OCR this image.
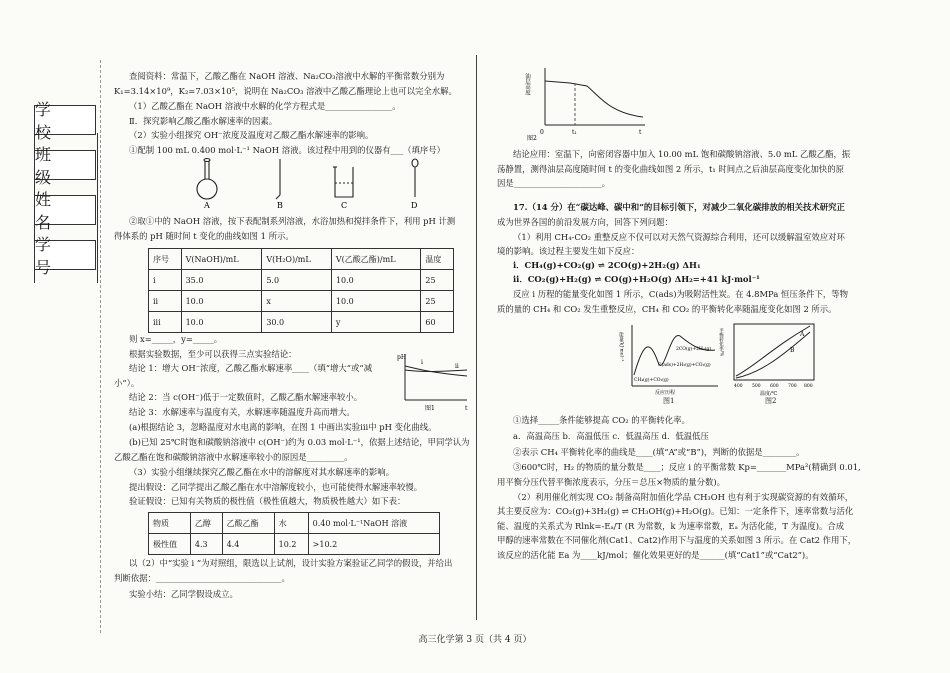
学 校
班 级
姓 名
学 号
查阅资料：常温下，乙酸乙酯在 NaOH 溶液、Na₂CO₃溶液中水解的平衡常数分别为
K₁=3.14×10⁹，K₂=7.03×10⁵，说明在 Na₂CO₃ 溶液中乙酸乙酯理论上也可以完全水解。
（1）乙酸乙酯在 NaOH 溶液中水解的化学方程式是________________。
Ⅱ．探究影响乙酸乙酯水解速率的因素。
（2）实验小组探究 OH⁻浓度及温度对乙酸乙酯水解速率的影响。
①配制 100 mL 0.400 mol·L⁻¹ NaOH 溶液。该过程中用到的仪器有___（填序号）
A	B	C	D
②取①中的 NaOH 溶液，按下表配制系列溶液，水浴加热和搅拌条件下，利用 pH 计测
得体系的 pH 随时间 t 变化的曲线如图 1 所示。
序号	V(NaOH)/mL	V(H₂O)/mL	V(乙酸乙酯)/mL	温度
i	35.0	5.0	10.0	25
ii	10.0	x	10.0	25
iii	10.0	30.0	y	60
则 x=_____，y=_____。
根据实验数据，至少可以获得三点实验结论：
结论 1：增大 OH⁻浓度，乙酸乙酯水解速率____（填“增大”或“减
小”）。
pH
t
i
ii
图1
结论 2：当 c(OH⁻)低于一定数值时，乙酸乙酯水解速率较小。
结论 3：水解速率与温度有关，水解速率随温度升高而增大。
(a)根据结论 3，忽略温度对水电离的影响，在图 1 中画出实验iii中 pH 变化曲线。
(b)已知 25℃时饱和碳酸钠溶液中 c(OH⁻)约为 0.03 mol·L⁻¹，依据上述结论，甲同学认为
乙酸乙酯在饱和碳酸钠溶液中水解速率较小的原因是_________。
（3）实验小组继续探究乙酸乙酯在水中的溶解度对其水解速率的影响。
提出假设：乙同学提出乙酸乙酯在水中溶解度较小，也可能使得水解速率较慢。
验证假设：已知有关物质的极性值（极性值越大，物质极性越大）如下表：
物质	乙醇	乙酸乙酯	水	0.40 mol·L⁻¹NaOH 溶液
极性值	4.3	4.4	10.2	>10.2
以（2）中“实验 i ”为对照组，限选以上试剂，设计实验方案验证乙同学的假设，并给出
判断依据：______________________________。
实验小结：乙同学假设成立。
油层高度
t₁
0	t
图2
结论应用：室温下，向密闭容器中加入 10.00 mL 饱和碳酸钠溶液、5.0 mL 乙酸乙酯，振
荡静置，测得油层高度随时间 t 的变化曲线如图 2 所示，t₁ 时间点之后油层高度变化加快的原
因是_____________________。
17.（14 分）在“碳达峰、碳中和”的目标引领下，对减少二氧化碳排放的相关技术研究正
成为世界各国的前沿发展方向，回答下列问题：
（1）利用 CH₄-CO₂ 重整反应不仅可以对天然气资源综合利用，还可以缓解温室效应对环
境的影响。该过程主要发生如下反应：
i．CH₄(g)+CO₂(g) ⇌ 2CO(g)+2H₂(g) ΔH₁
ii．CO₂(g)+H₂(g) ⇌ CO(g)+H₂O(g) ΔH₂=+41 kJ·mol⁻¹
反应 i 历程的能量变化如图 1 所示，C(ads)为吸附活性炭。在 4.8MPa 恒压条件下，等物
质的量的 CH₄ 和 CO₂ 发生重整反应，CH₄ 和 CO₂ 的平衡转化率随温度变化如图 2 所示。
能量/kJ·mol⁻¹	2CO(g)+2H₂(g)
C(ads)+2H₂(g)+CO₂(g)
CH₄(g)+CO₂(g)
反应历程
A
B
平衡转化率/%
400 500 600 700 800
温度/℃
图1	图2
①选择_____条件能够提高 CO₂ 的平衡转化率。
a．高温高压 b．高温低压 c．低温高压 d．低温低压
②表示 CH₄ 平衡转化率的曲线是____(填“A”或“B”)，判断的依据是________。
③600℃时，H₂ 的物质的量分数是____；反应 i 的平衡常数 Kp=_______MPa²(精确到 0.01,
用平衡分压代替平衡浓度表示，分压＝总压×物质的量分数)。
（2）利用催化剂实现 CO₂ 制备高附加值化学品 CH₃OH 也有利于实现碳资源的有效循环，
其主要反应为：CO₂(g)+3H₂(g) ⇌ CH₃OH(g)+H₂O(g)。已知：一定条件下，速率常数与活化
能、温度的关系式为 Rlnk=-Eₐ/T (R 为常数，k 为速率常数，Eₐ 为活化能，T 为温度)。合成
甲醇的速率常数在不同催化剂(Cat1、Cat2)作用下与温度的关系如图 3 所示。在 Cat2 作用下，
该反应的活化能 Ea 为____kJ/mol；催化效果更好的是______(填“Cat1”或“Cat2”)。
高三化学第 3 页（共 4 页）
